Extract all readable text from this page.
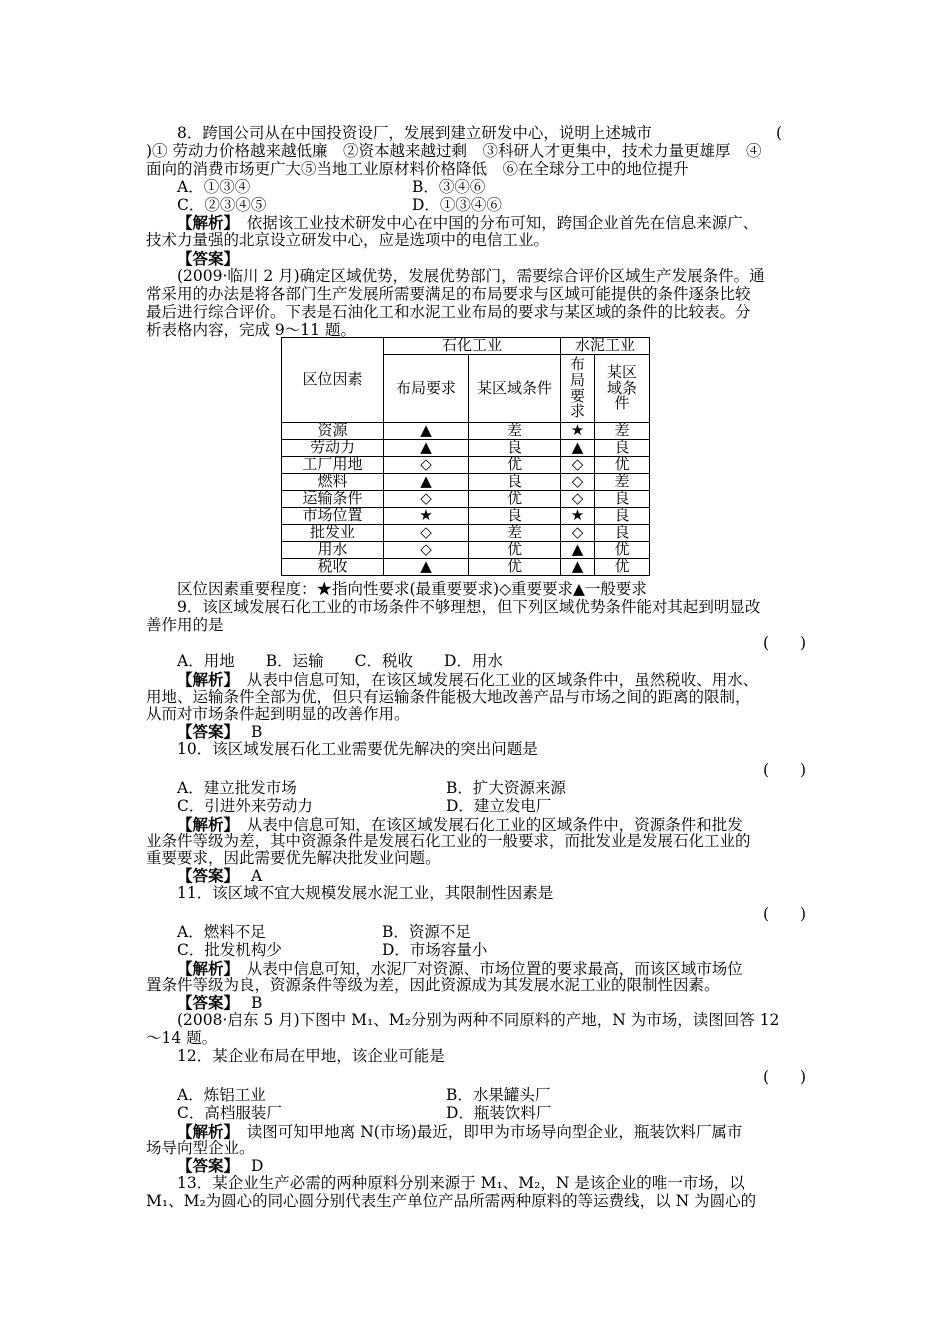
8．跨国公司从在中国投资设厂，发展到建立研发中心，说明上述城市	(
)① 劳动力价格越来越低廉　②资本越来越过剩　③科研人才更集中，技术力量更雄厚　④
面向的消费市场更广大⑤当地工业原材料价格降低　⑥在全球分工中的地位提升
A．①③④	B．③④⑥
C．②③④⑤	D．①③④⑥
【解析】　依据该工业技术研发中心在中国的分布可知，跨国企业首先在信息来源广、
技术力量强的北京设立研发中心，应是选项中的电信工业。
【答案】
(2009·临川 2 月)确定区域优势，发展优势部门，需要综合评价区域生产发展条件。通
常采用的办法是将各部门生产发展所需要满足的布局要求与区域可能提供的条件逐条比较
最后进行综合评价。下表是石油化工和水泥工业布局的要求与某区域的条件的比较表。分
析表格内容，完成 9～11 题。
区位因素	石化工业		水泥工业	
	布局要求	某区域条件	布局要求	某区域条件
资源	▲	差	★	差
劳动力	▲	良	▲	良
工厂用地	◇	优	◇	优
燃料	▲	良	◇	差
运输条件	◇	优	◇	良
市场位置	★	良	★	良
批发业	◇	差	◇	良
用水	◇	优	▲	优
税收	▲	优	▲	优
区位因素重要程度：★指向性要求(最重要要求)◇重要要求▲一般要求
9．该区域发展石化工业的市场条件不够理想，但下列区域优势条件能对其起到明显改
善作用的是
(　　)
A．用地　　B．运输　　C．税收　　D．用水
【解析】　从表中信息可知，在该区域发展石化工业的区域条件中，虽然税收、用水、
用地、运输条件全部为优，但只有运输条件能极大地改善产品与市场之间的距离的限制，
从而对市场条件起到明显的改善作用。
【答案】 B
10．该区域发展石化工业需要优先解决的突出问题是
(　　)
A．建立批发市场	B．扩大资源来源
C．引进外来劳动力	D．建立发电厂
【解析】　从表中信息可知，在该区域发展石化工业的区域条件中，资源条件和批发
业条件等级为差，其中资源条件是发展石化工业的一般要求，而批发业是发展石化工业的
重要要求，因此需要优先解决批发业问题。
【答案】 A
11．该区域不宜大规模发展水泥工业，其限制性因素是
(　　)
A．燃料不足	B．资源不足
C．批发机构少	D．市场容量小
【解析】　从表中信息可知，水泥厂对资源、市场位置的要求最高，而该区域市场位
置条件等级为良，资源条件等级为差，因此资源成为其发展水泥工业的限制性因素。
【答案】 B
(2008·启东 5 月)下图中 M₁、M₂分别为两种不同原料的产地，N 为市场，读图回答 12
～14 题。
12．某企业布局在甲地，该企业可能是
(　　)
A．炼铝工业	B．水果罐头厂
C．高档服装厂	D．瓶装饮料厂
【解析】　读图可知甲地离 N(市场)最近，即甲为市场导向型企业，瓶装饮料厂属市
场导向型企业。
【答案】 D
13．某企业生产必需的两种原料分别来源于 M₁、M₂，N 是该企业的唯一市场，以
M₁、M₂为圆心的同心圆分别代表生产单位产品所需两种原料的等运费线，以 N 为圆心的
